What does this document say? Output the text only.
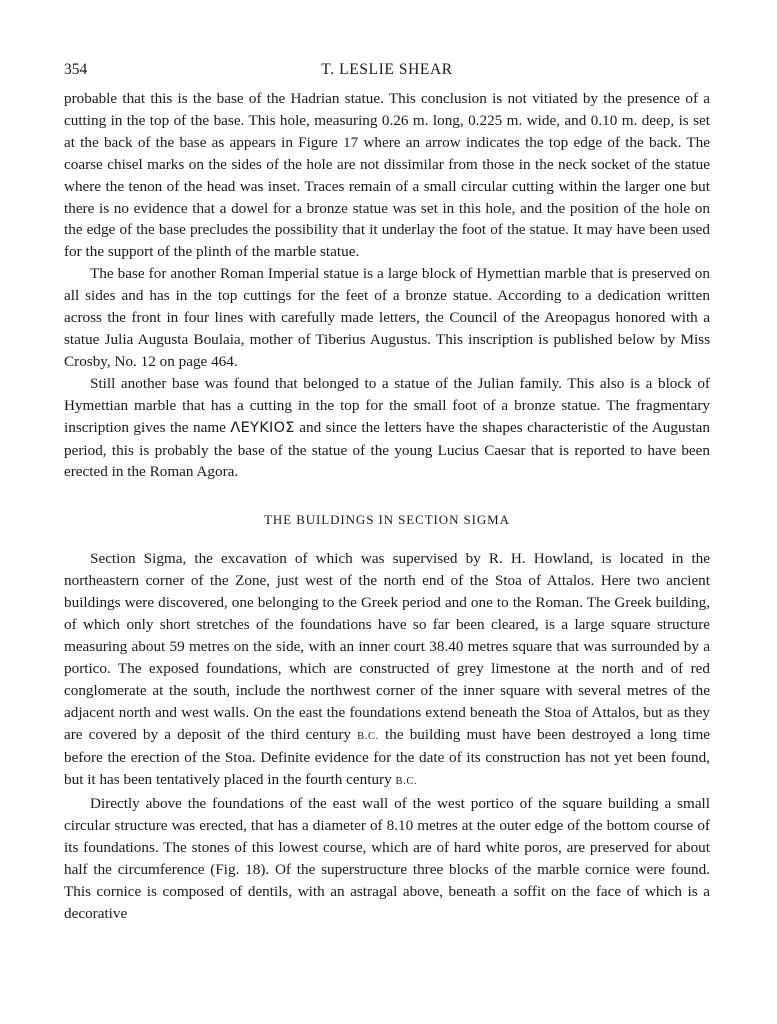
354	T. LESLIE SHEAR

probable that this is the base of the Hadrian statue. This conclusion is not vitiated by the presence of a cutting in the top of the base. This hole, measuring 0.26 m. long, 0.225 m. wide, and 0.10 m. deep, is set at the back of the base as appears in Figure 17 where an arrow indicates the top edge of the back. The coarse chisel marks on the sides of the hole are not dissimilar from those in the neck socket of the statue where the tenon of the head was inset. Traces remain of a small circular cutting within the larger one but there is no evidence that a dowel for a bronze statue was set in this hole, and the position of the hole on the edge of the base precludes the possibility that it underlay the foot of the statue. It may have been used for the support of the plinth of the marble statue.

The base for another Roman Imperial statue is a large block of Hymettian marble that is preserved on all sides and has in the top cuttings for the feet of a bronze statue. According to a dedication written across the front in four lines with carefully made letters, the Council of the Areopagus honored with a statue Julia Augusta Boulaia, mother of Tiberius Augustus. This inscription is published below by Miss Crosby, No. 12 on page 464.

Still another base was found that belonged to a statue of the Julian family. This also is a block of Hymettian marble that has a cutting in the top for the small foot of a bronze statue. The fragmentary inscription gives the name ΛΕΥΚΙΟΣ and since the letters have the shapes characteristic of the Augustan period, this is probably the base of the statue of the young Lucius Caesar that is reported to have been erected in the Roman Agora.

THE BUILDINGS IN SECTION SIGMA

Section Sigma, the excavation of which was supervised by R. H. Howland, is located in the northeastern corner of the Zone, just west of the north end of the Stoa of Attalos. Here two ancient buildings were discovered, one belonging to the Greek period and one to the Roman. The Greek building, of which only short stretches of the foundations have so far been cleared, is a large square structure measuring about 59 metres on the side, with an inner court 38.40 metres square that was surrounded by a portico. The exposed foundations, which are constructed of grey limestone at the north and of red conglomerate at the south, include the northwest corner of the inner square with several metres of the adjacent north and west walls. On the east the foundations extend beneath the Stoa of Attalos, but as they are covered by a deposit of the third century B.C. the building must have been destroyed a long time before the erection of the Stoa. Definite evidence for the date of its construction has not yet been found, but it has been tentatively placed in the fourth century B.C.

Directly above the foundations of the east wall of the west portico of the square building a small circular structure was erected, that has a diameter of 8.10 metres at the outer edge of the bottom course of its foundations. The stones of this lowest course, which are of hard white poros, are preserved for about half the circumference (Fig. 18). Of the superstructure three blocks of the marble cornice were found. This cornice is composed of dentils, with an astragal above, beneath a soffit on the face of which is a decorative
